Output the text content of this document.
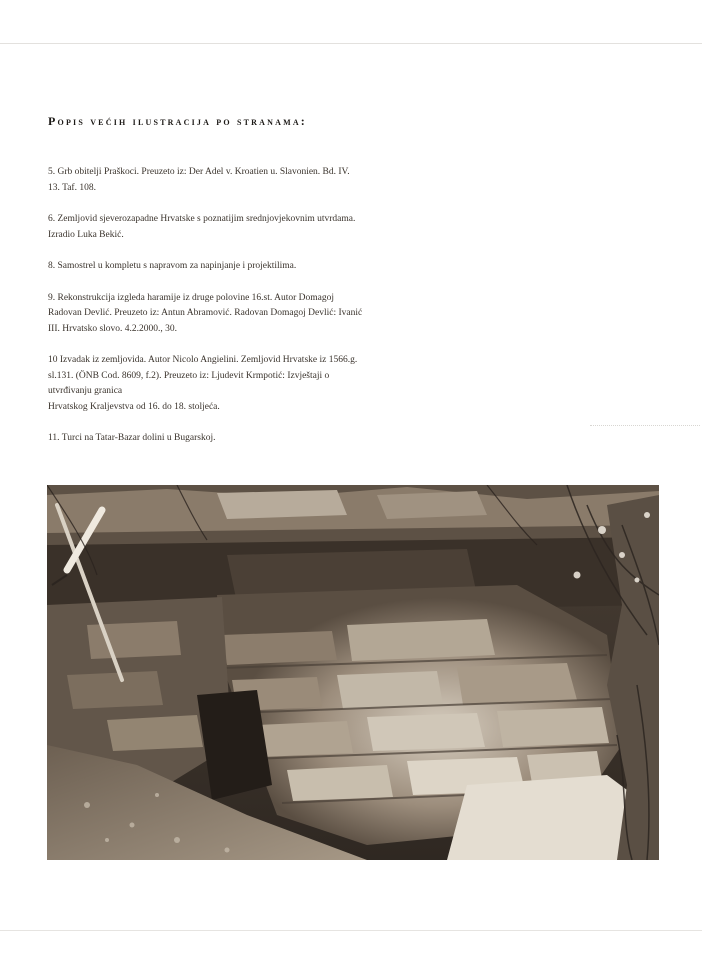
Popis većih ilustracija po stranama:
5. Grb obitelji Praškoci. Preuzeto iz: Der Adel v. Kroatien u. Slavonien. Bd. IV.
13. Taf. 108.
6. Zemljovid sjeverozapadne Hrvatske s poznatijim srednjovjekovnim utvrdama.
Izradio Luka Bekić.
8. Samostrel u kompletu s napravom za napinjanje i projektilima.
9. Rekonstrukcija izgleda haramije iz druge polovine 16.st. Autor Domagoj
Radovan Devlić. Preuzeto iz: Antun Abramović. Radovan Domagoj Devlić: Ivanić
III. Hrvatsko slovo. 4.2.2000., 30.
10 Izvadak iz zemljovida. Autor Nicolo Angielini. Zemljovid Hrvatske iz 1566.g.
sl.131. (ÖNB Cod. 8609, f.2). Preuzeto iz: Ljudevit Krmpotić: Izvještaji o
utvrđivanju granica
Hrvatskog Kraljevstva od 16. do 18. stoljeća.
11. Turci na Tatar-Bazar dolini u Bugarskoj.
